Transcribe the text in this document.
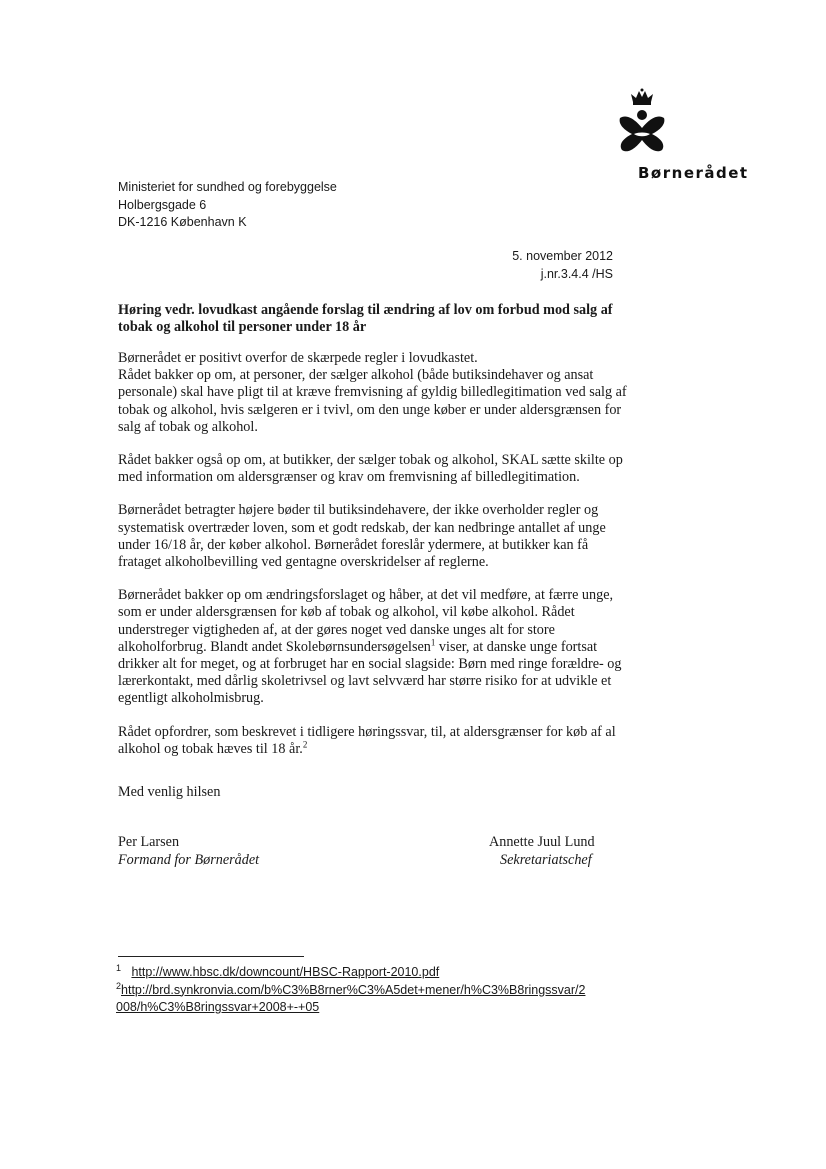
Børnerådet
Ministeriet for sundhed og forebyggelse
Holbergsgade 6
DK-1216 København K
5. november 2012
j.nr.3.4.4 /HS
Høring vedr. lovudkast angående forslag til ændring af lov om forbud mod salg af tobak og alkohol til personer under 18 år

Børnerådet er positivt overfor de skærpede regler i lovudkastet.
Rådet bakker op om, at personer, der sælger alkohol (både butiksindehaver og ansat personale) skal have pligt til at kræve fremvisning af gyldig billedlegitimation ved salg af tobak og alkohol, hvis sælgeren er i tvivl, om den unge køber er under aldersgrænsen for salg af tobak og alkohol.

Rådet bakker også op om, at butikker, der sælger tobak og alkohol, SKAL sætte skilte op med information om aldersgrænser og krav om fremvisning af billedlegitimation.

Børnerådet betragter højere bøder til butiksindehavere, der ikke overholder regler og systematisk overtræder loven, som et godt redskab, der kan nedbringe antallet af unge under 16/18 år, der køber alkohol. Børnerådet foreslår ydermere, at butikker kan få frataget alkoholbevilling ved gentagne overskridelser af reglerne.

Børnerådet bakker op om ændringsforslaget og håber, at det vil medføre, at færre unge, som er under aldersgrænsen for køb af tobak og alkohol, vil købe alkohol. Rådet understreger vigtigheden af, at der gøres noget ved danske unges alt for store alkoholforbrug. Blandt andet Skolebørnsundersøgelsen$^1$ viser, at danske unge fortsat drikker alt for meget, og at forbruget har en social slagside: Børn med ringe forældre- og lærerkontakt, med dårlig skoletrivsel og lavt selvværd har større risiko for at udvikle et egentligt alkoholmisbrug.

Rådet opfordrer, som beskrevet i tidligere høringssvar, til, at aldersgrænser for køb af al alkohol og tobak hæves til 18 år.$^2$

Med venlig hilsen
Per Larsen
Formand for Børnerådet
Annette Juul Lund
Sekretariatschef
$^1$ http://www.hbsc.dk/downcount/HBSC-Rapport-2010.pdf
$^2$http://brd.synkronvia.com/b%C3%B8rner%C3%A5det+mener/h%C3%B8ringssvar/2
008/h%C3%B8ringssvar+2008+-+05
